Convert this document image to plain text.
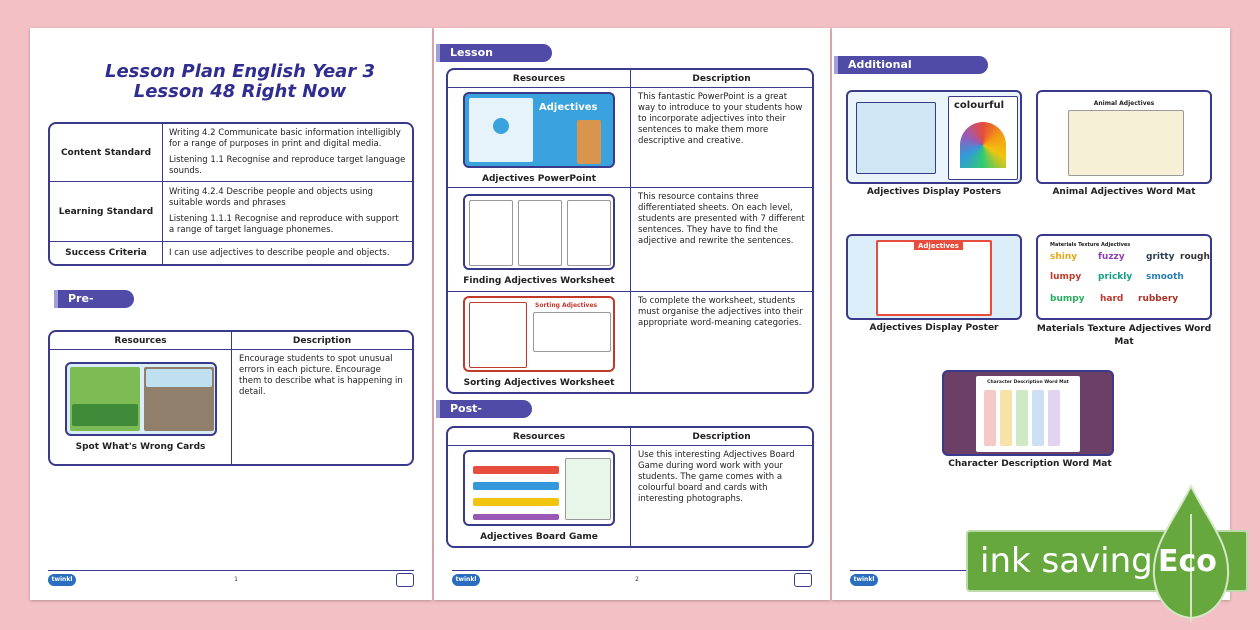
Lesson Plan English Year 3
Lesson 48 Right Now
Content Standard	Writing 4.2 Communicate basic information intelligibly for a range of purposes in print and digital media.

Listening 1.1 Recognise and reproduce target language sounds.

Learning Standard	Writing 4.2.4 Describe people and objects using suitable words and phrases

Listening 1.1.1 Recognise and reproduce with support a range of target language phonemes.

Success Criteria	I can use adjectives to describe people and objects.
Pre-Lesson
Resources	Description

Spot What's Wrong Cards	Encourage students to spot unusual errors in each picture. Encourage them to describe what is happening in detail.
twinkl	1
Lesson Delivery
Resources	Description

Adjectives
Adjectives PowerPoint	This fantastic PowerPoint is a great way to introduce to your students how to incorporate adjectives into their sentences to make them more descriptive and creative.

Finding Adjectives Worksheet	This resource contains three differentiated sheets. On each level, students are presented with 7 different sentences. They have to find the adjective and rewrite the sentences.

Sorting Adjectives
Sorting Adjectives Worksheet	To complete the worksheet, students must organise the adjectives into their appropriate word-meaning categories.
Post-Lesson
Resources	Description

Adjectives Board Game	Use this interesting Adjectives Board Game during word work with your students. The game comes with a colourful board and cards with interesting photographs.
twinkl	2
Additional Resources
colourful
Adjectives Display Posters
Animal Adjectives
Animal Adjectives Word Mat
Adjectives
Adjectives Display Poster
Materials Texture Adjectives
shiny fuzzy gritty rough
lumpy prickly smooth
bumpy hard rubbery
Materials Texture Adjectives Word Mat
Character Description Word Mat
Character Description Word Mat
twinkl	ink saving Eco
